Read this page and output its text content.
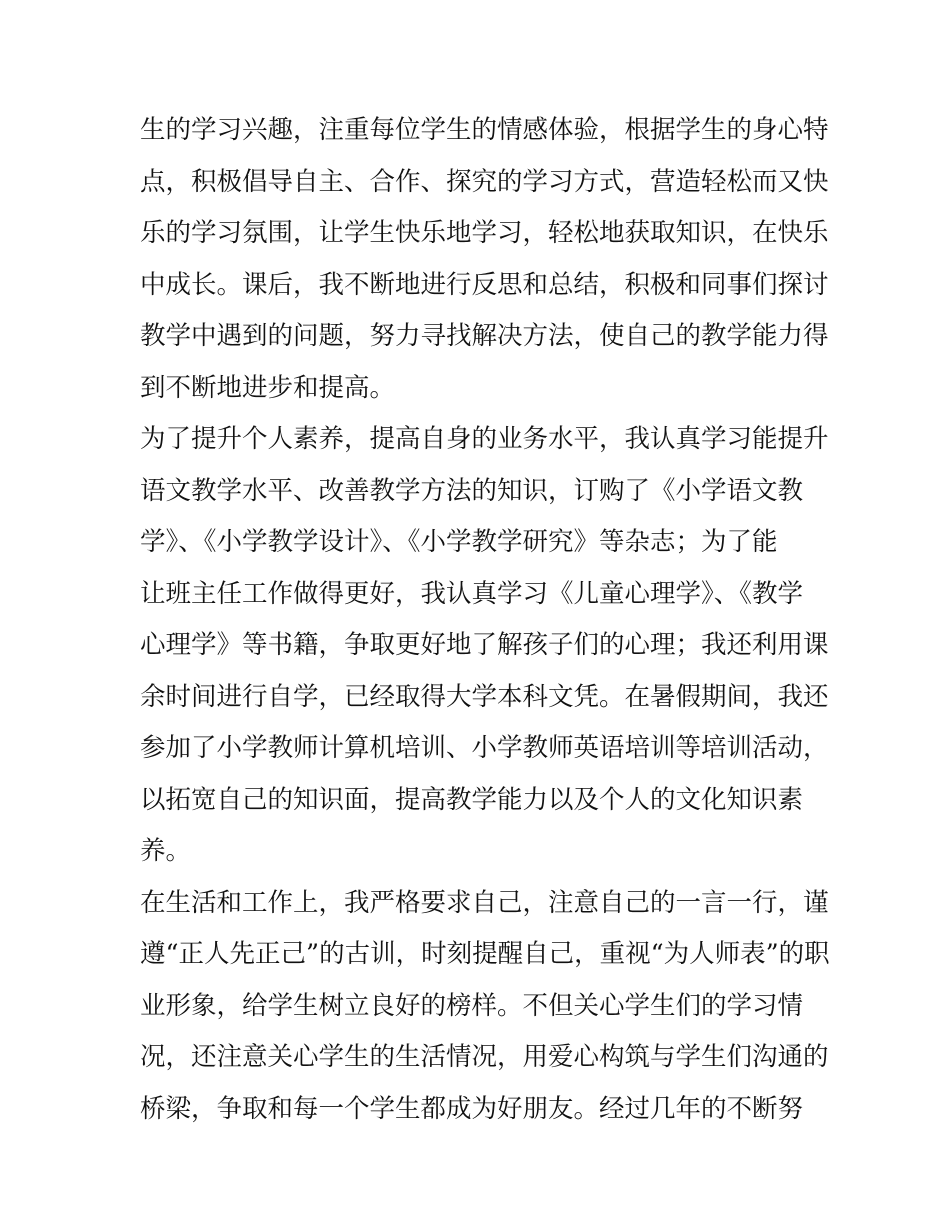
生的学习兴趣，注重每位学生的情感体验，根据学生的身心特
点，积极倡导自主、合作、探究的学习方式，营造轻松而又快
乐的学习氛围，让学生快乐地学习，轻松地获取知识，在快乐
中成长。课后，我不断地进行反思和总结，积极和同事们探讨
教学中遇到的问题，努力寻找解决方法，使自己的教学能力得
到不断地进步和提高。
为了提升个人素养，提高自身的业务水平，我认真学习能提升
语文教学水平、改善教学方法的知识，订购了《小学语文教
学》、《小学教学设计》、《小学教学研究》等杂志；为了能
让班主任工作做得更好，我认真学习《儿童心理学》、《教学
心理学》等书籍，争取更好地了解孩子们的心理；我还利用课
余时间进行自学，已经取得大学本科文凭。在暑假期间，我还
参加了小学教师计算机培训、小学教师英语培训等培训活动，
以拓宽自己的知识面，提高教学能力以及个人的文化知识素
养。
在生活和工作上，我严格要求自己，注意自己的一言一行，谨
遵“正人先正己”的古训，时刻提醒自己，重视“为人师表”的职
业形象，给学生树立良好的榜样。不但关心学生们的学习情
况，还注意关心学生的生活情况，用爱心构筑与学生们沟通的
桥梁，争取和每一个学生都成为好朋友。经过几年的不断努
